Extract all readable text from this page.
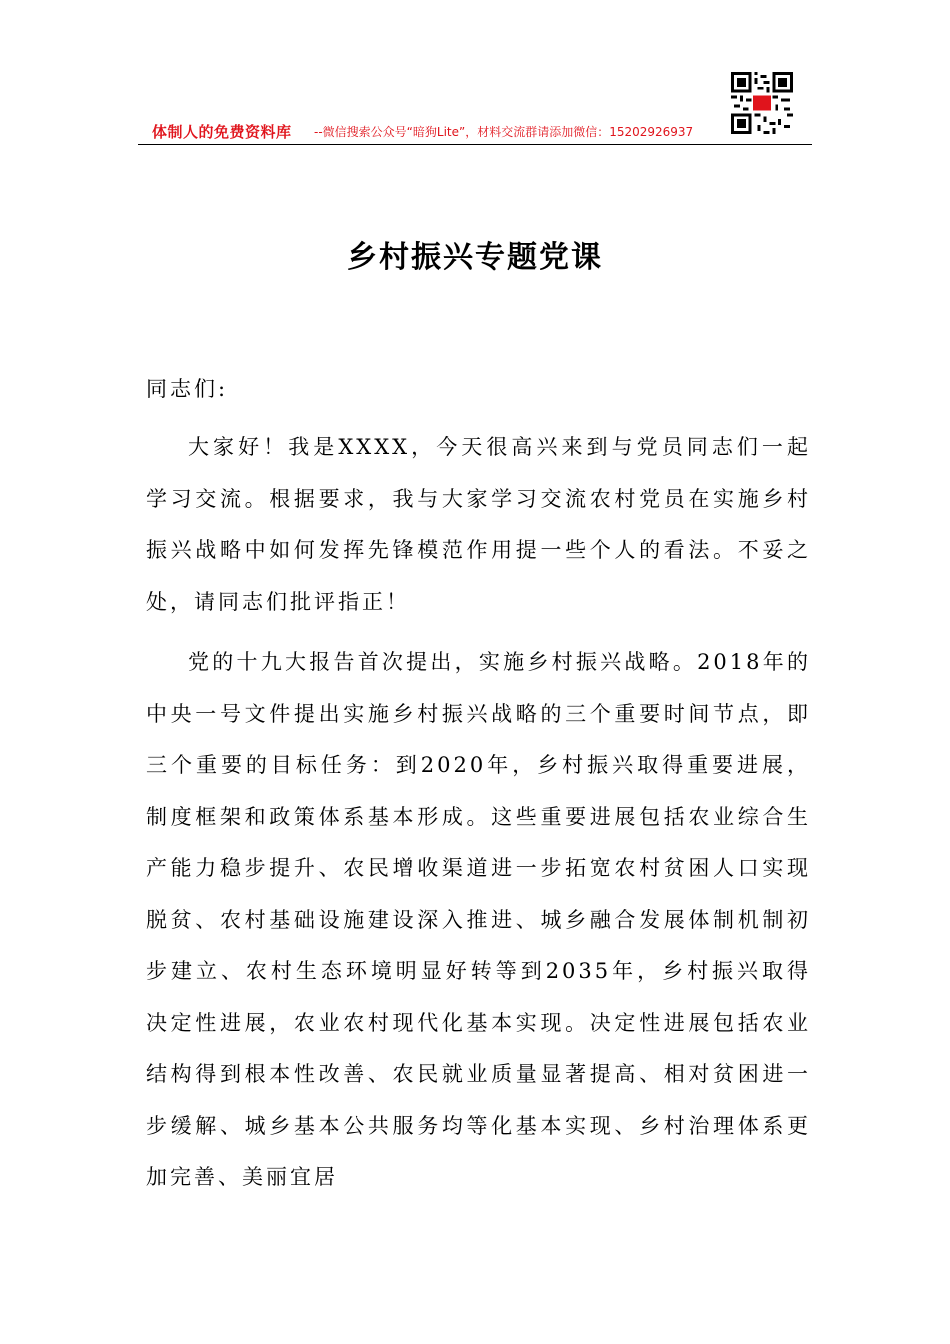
体制人的免费资料库 --微信搜索公众号“暗狗Lite”，材料交流群请添加微信：15202926937
乡村振兴专题党课
同志们:

大家好！我是XXXX，今天很高兴来到与党员同志们一起学习交流。根据要求，我与大家学习交流农村党员在实施乡村振兴战略中如何发挥先锋模范作用提一些个人的看法。不妥之处，请同志们批评指正！

党的十九大报告首次提出，实施乡村振兴战略。2018年的中央一号文件提出实施乡村振兴战略的三个重要时间节点，即三个重要的目标任务：到2020年，乡村振兴取得重要进展，制度框架和政策体系基本形成。这些重要进展包括农业综合生产能力稳步提升、农民增收渠道进一步拓宽农村贫困人口实现脱贫、农村基础设施建设深入推进、城乡融合发展体制机制初步建立、农村生态环境明显好转等到2035年，乡村振兴取得决定性进展，农业农村现代化基本实现。决定性进展包括农业结构得到根本性改善、农民就业质量显著提高、相对贫困进一步缓解、城乡基本公共服务均等化基本实现、乡村治理体系更加完善、美丽宜居
